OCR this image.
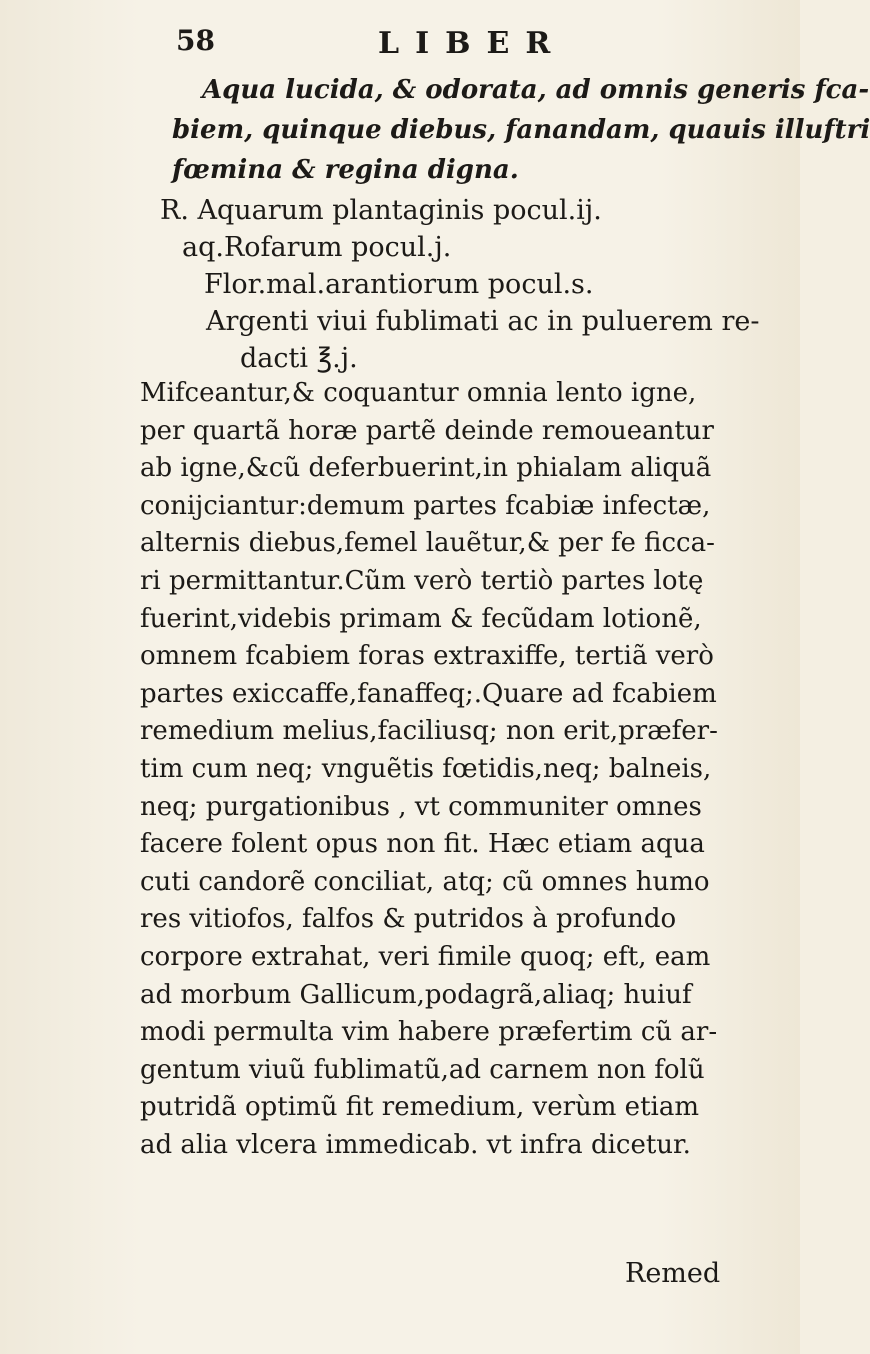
58	LIBER
Aqua lucida, & odorata, ad omnis generis fca-
biem, quinque diebus, fanandam, quauis illuftri
fœmina & regina digna.
R. Aquarum plantaginis pocul.ij.
aq.Rofarum pocul.j.
Flor.mal.arantiorum pocul.s.
Argenti viui fublimati ac in puluerem re-
dacti ℥.j.
Mifceantur,& coquantur omnia lento igne,
per quartã horæ partẽ deinde remoueantur
ab igne,&cũ deferbuerint,in phialam aliquã
conijciantur:demum partes fcabiæ infectæ,
alternis diebus,femel lauẽtur,& per fe ficca-
ri permittantur.Cũm verò tertiò partes lotę
fuerint,videbis primam & fecũdam lotionẽ,
omnem fcabiem foras extraxiffe, tertiã verò
partes exiccaffe,fanaffeq;.Quare ad fcabiem
remedium melius,faciliusq; non erit,præfer-
tim cum neq; vnguẽtis fœtidis,neq; balneis,
neq; purgationibus , vt communiter omnes
facere folent opus non fit. Hæc etiam aqua
cuti candorẽ conciliat, atq; cũ omnes humo
res vitiofos, falfos & putridos à profundo
corpore extrahat, veri fimile quoq; eft, eam
ad morbum Gallicum,podagrã,aliaq; huiuf
modi permulta vim habere præfertim cũ ar-
gentum viuũ fublimatũ,ad carnem non folũ
putridã optimũ fit remedium, verùm etiam
ad alia vlcera immedicab. vt infra dicetur.
Remed
